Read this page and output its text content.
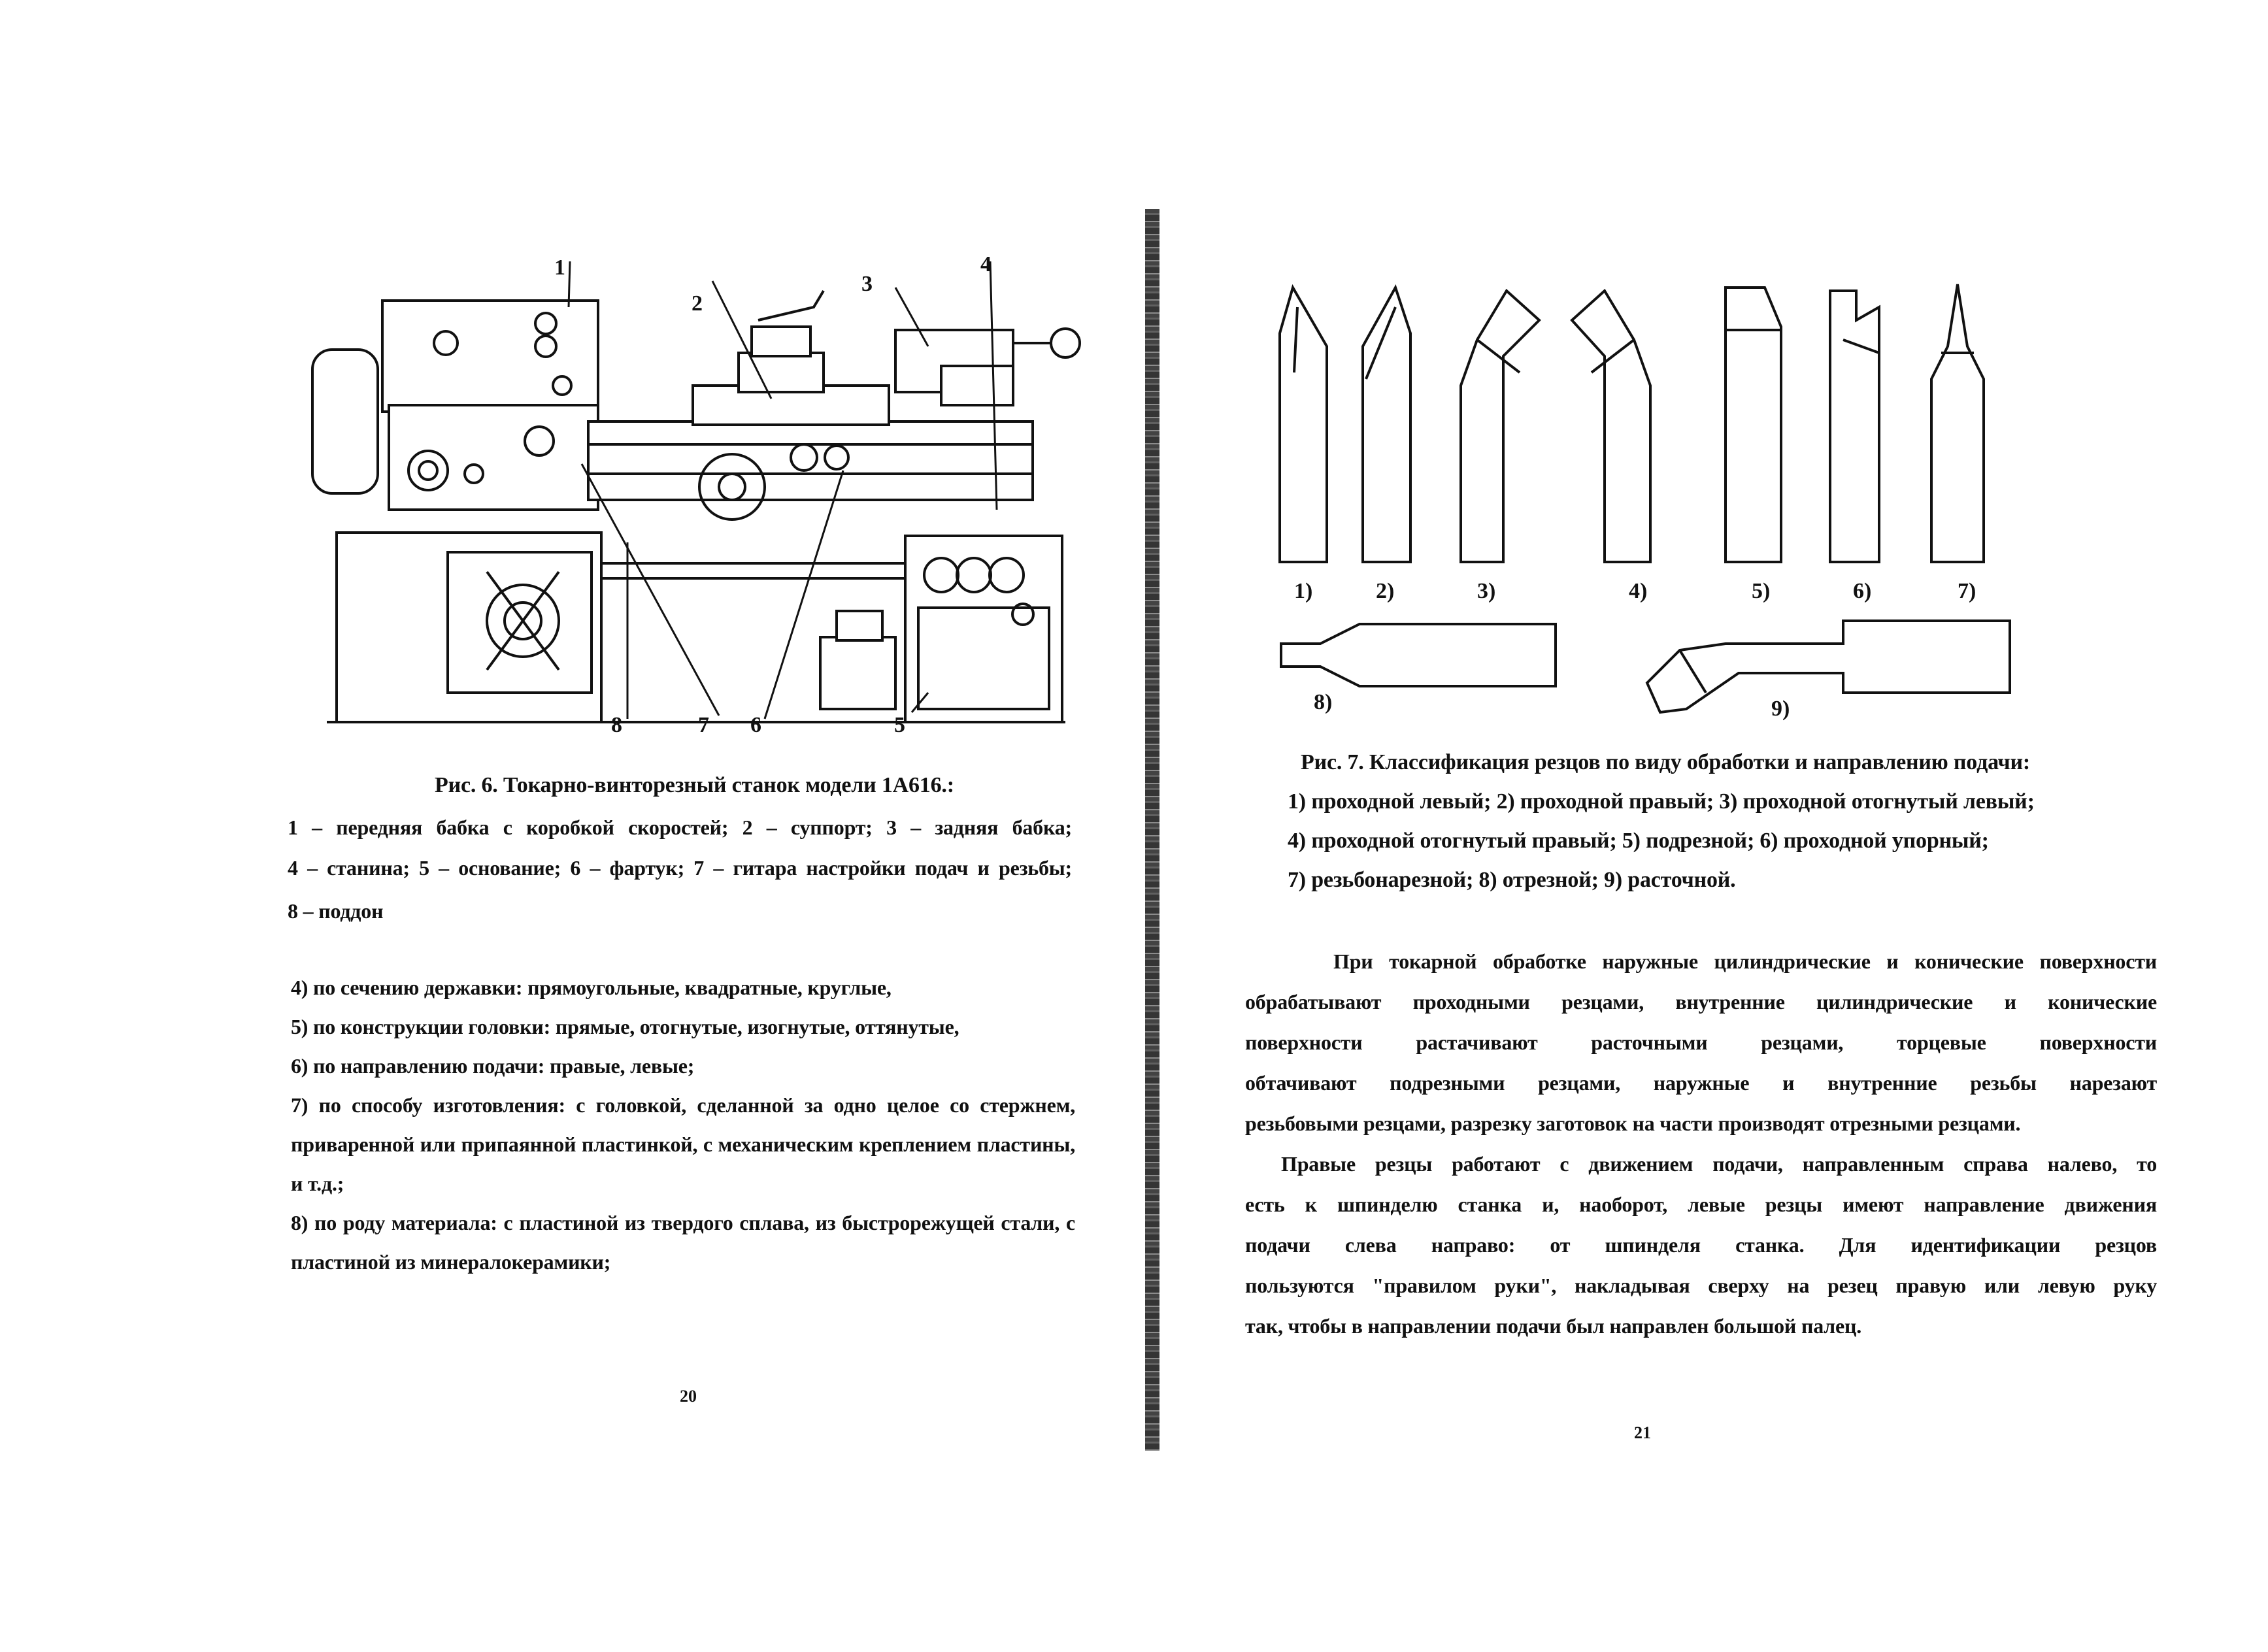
1
2
3
4
5
6
7
8
Рис. 6. Токарно-винторезный станок модели 1А616.:
1 – передняя бабка с коробкой скоростей; 2 – суппорт; 3 – задняя бабка;
4 – станина; 5 – основание; 6 – фартук; 7 – гитара настройки подач и резьбы;
8 – поддон
4) по сечению державки: прямоугольные, квадратные, круглые,
5) по конструкции головки: прямые, отогнутые, изогнутые, оттянутые,
6) по направлению подачи: правые, левые;
7) по способу изготовления: с головкой, сделанной за одно целое со стержнем,
приваренной или припаянной пластинкой, с механическим креплением пластины,
и т.д.;
8) по роду материала: с пластиной из твердого сплава, из быстрорежущей стали, с
пластиной из минералокерамики;
20
1)	2)	3)	4)	5)	6)	7)
8)	9)
Рис. 7. Классификация резцов по виду обработки и направлению подачи:
1) проходной левый; 2) проходной правый; 3) проходной отогнутый левый;
4) проходной отогнутый правый; 5) подрезной; 6) проходной упорный;
7) резьбонарезной; 8) отрезной; 9) расточной.
При токарной обработке наружные цилиндрические и конические поверхности
обрабатывают проходными резцами, внутренние цилиндрические и конические
поверхности растачивают расточными резцами, торцевые поверхности
обтачивают подрезными резцами, наружные и внутренние резьбы нарезают
резьбовыми резцами, разрезку заготовок на части производят отрезными резцами.
Правые резцы работают с движением подачи, направленным справа налево, то
есть к шпинделю станка и, наоборот, левые резцы имеют направление движения
подачи слева направо: от шпинделя станка. Для идентификации резцов
пользуются "правилом руки", накладывая сверху на резец правую или левую руку
так, чтобы в направлении подачи был направлен большой палец.
21
